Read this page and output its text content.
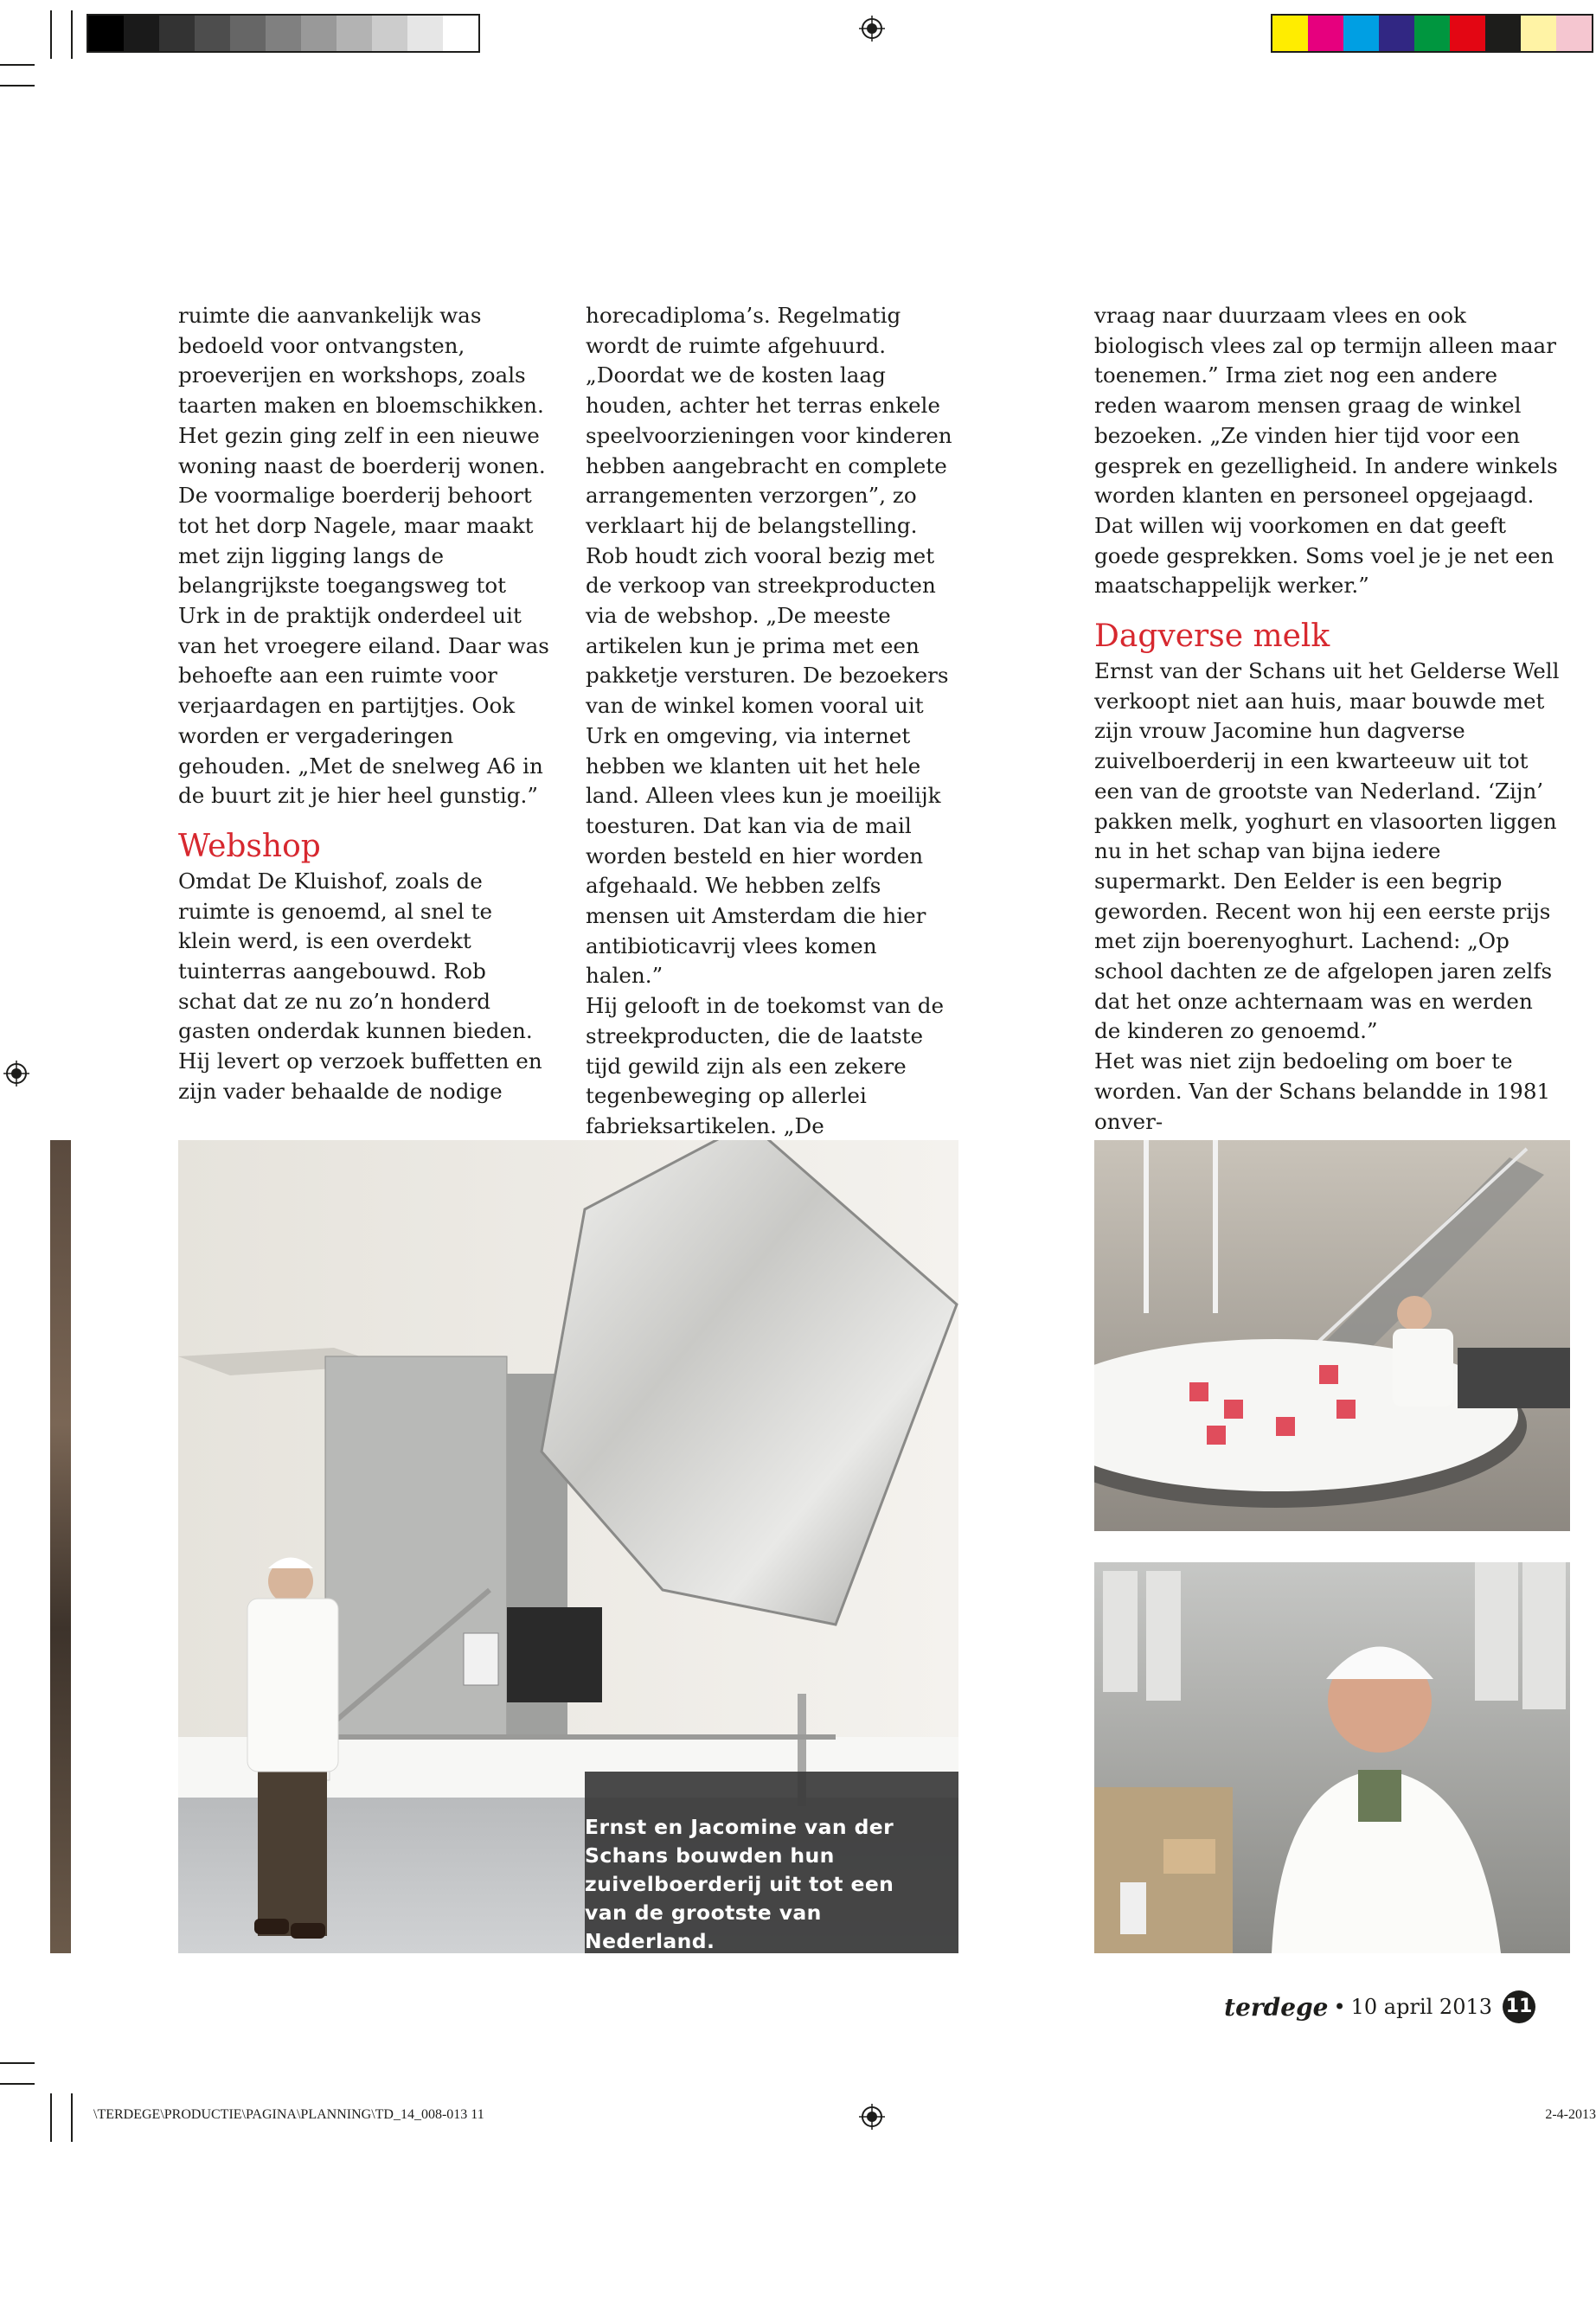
ruimte die aanvankelijk was bedoeld voor ontvangsten, proeverijen en workshops, zoals taarten maken en bloemschikken.

Het gezin ging zelf in een nieuwe woning naast de boerderij wonen. De voormalige boerderij behoort tot het dorp Nagele, maar maakt met zijn ligging langs de belangrijkste toegangsweg tot Urk in de praktijk onderdeel uit van het vroegere eiland. Daar was behoefte aan een ruimte voor verjaardagen en partijtjes. Ook worden er vergaderingen gehouden. „Met de snelweg A6 in de buurt zit je hier heel gunstig.”

Webshop

Omdat De Kluishof, zoals de ruimte is genoemd, al snel te klein werd, is een overdekt tuinterras aangebouwd. Rob schat dat ze nu zo’n honderd gasten onderdak kunnen bieden. Hij levert op verzoek buffetten en zijn vader behaalde de nodige

horecadiploma’s. Regelmatig wordt de ruimte afgehuurd. „Doordat we de kosten laag houden, achter het terras enkele speelvoorzieningen voor kinderen hebben aangebracht en complete arrangementen verzorgen”, zo verklaart hij de belangstelling.

Rob houdt zich vooral bezig met de verkoop van streekproducten via de webshop. „De meeste artikelen kun je prima met een pakketje versturen. De bezoekers van de winkel komen vooral uit Urk en omgeving, via internet hebben we klanten uit het hele land. Alleen vlees kun je moeilijk toesturen. Dat kan via de mail worden besteld en hier worden afgehaald. We hebben zelfs mensen uit Amsterdam die hier antibioticavrij vlees komen halen.”

Hij gelooft in de toekomst van de streekproducten, die de laatste tijd gewild zijn als een zekere tegenbeweging op allerlei fabrieksartikelen. „De

vraag naar duurzaam vlees en ook biologisch vlees zal op termijn alleen maar toenemen.” Irma ziet nog een andere reden waarom mensen graag de winkel bezoeken. „Ze vinden hier tijd voor een gesprek en gezelligheid. In andere winkels worden klanten en personeel opgejaagd. Dat willen wij voorkomen en dat geeft goede gesprekken. Soms voel je je net een maatschappelijk werker.”

Dagverse melk

Ernst van der Schans uit het Gelderse Well verkoopt niet aan huis, maar bouwde met zijn vrouw Jacomine hun dagverse zuivelboerderij in een kwarteeuw uit tot een van de grootste van Nederland. ‘Zijn’ pakken melk, yoghurt en vlasoorten liggen nu in het schap van bijna iedere supermarkt. Den Eelder is een begrip geworden. Recent won hij een eerste prijs met zijn boerenyoghurt. Lachend: „Op school dachten ze de afgelopen jaren zelfs dat het onze achternaam was en werden de kinderen zo genoemd.”

Het was niet zijn bedoeling om boer te worden. Van der Schans belandde in 1981 onver-

Ernst en Jacomine van der Schans bouwden hun zuivelboerderij uit tot een van de grootste van Nederland.
terdege • 10 april 2013 11
\TERDEGE\PRODUCTIE\PAGINA\PLANNING\TD_14_008-013 11	2-4-2013
